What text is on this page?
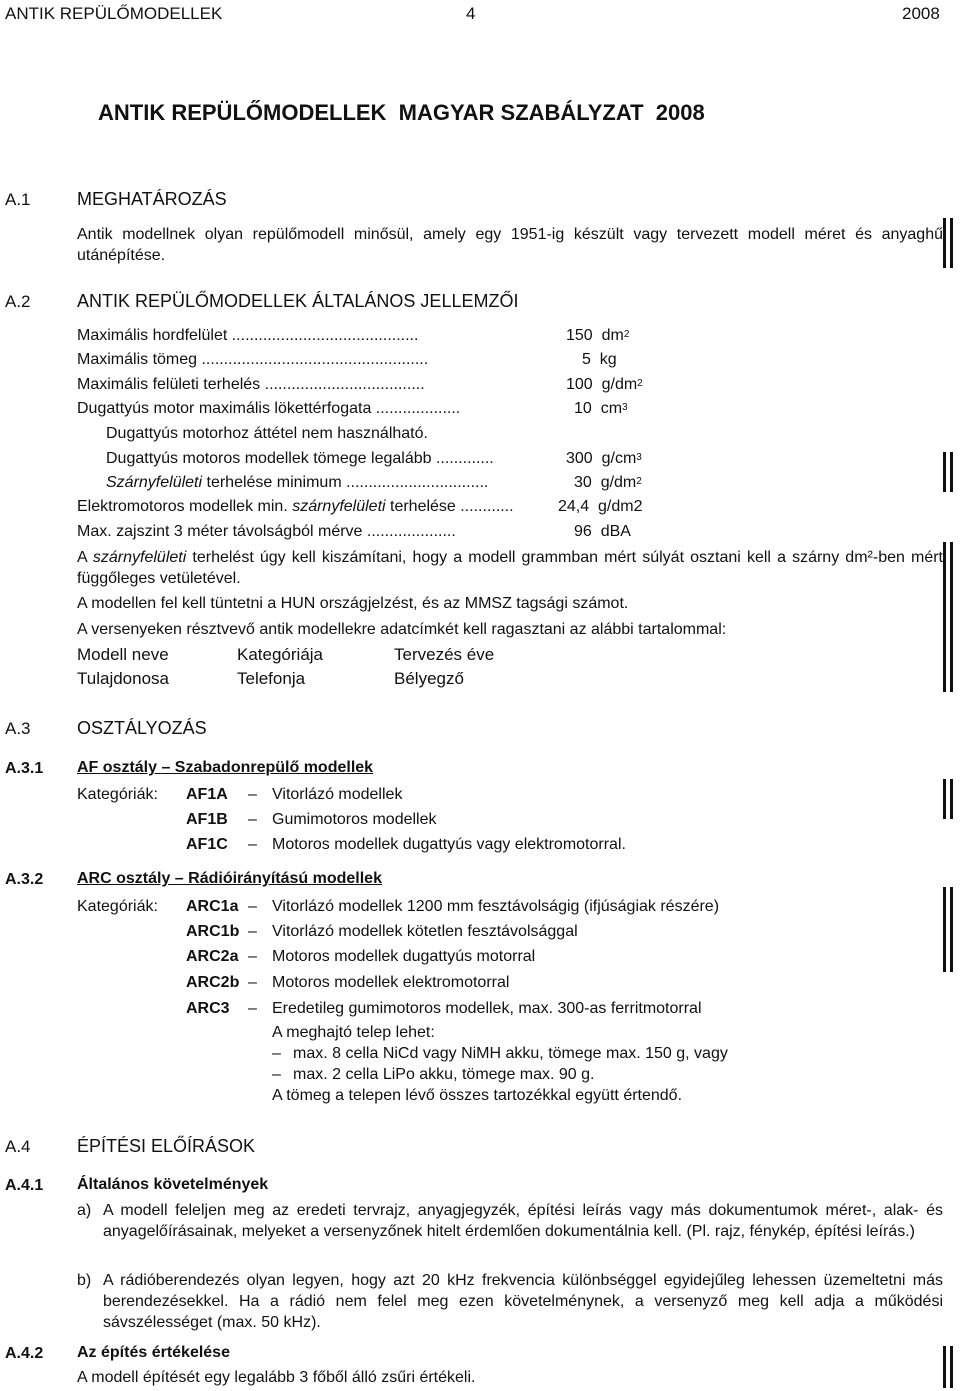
ANTIK REPÜLŐMODELLEK	4	2008
ANTIK REPÜLŐMODELLEK  MAGYAR SZABÁLYZAT  2008
A.1	MEGHATÁROZÁS
Antik modellnek olyan repülőmodell minősül, amely egy 1951-ig készült vagy tervezett modell méret és anyaghű utánépítése.
A.2	ANTIK REPÜLŐMODELLEK ÁLTALÁNOS JELLEMZŐI
Maximális hordfelület ..........................................	150 $dm^2$
Maximális tömeg ...................................................	5 kg
Maximális felületi terhelés ....................................	100 $g/dm^2$
Dugattyús motor maximális lökettérfogata ...................	10 $cm^3$
Dugattyús motorhoz áttétel nem használható.
Dugattyús motoros modellek tömege legalább .............	300 $g/cm^3$
Szárnyfelületi terhelése minimum ................................	30 $g/dm^2$
Elektromotoros modellek min. szárnyfelületi terhelése ............	24,4 g/dm2
Max. zajszint 3 méter távolságból mérve ....................	96 dBA
A szárnyfelületi terhelést úgy kell kiszámítani, hogy a modell grammban mért súlyát osztani kell a szárny dm²-ben mért függőleges vetületével.
A modellen fel kell tüntetni a HUN országjelzést, és az MMSZ tagsági számot.
A versenyeken résztvevő antik modellekre adatcímkét kell ragasztani az alábbi tartalommal:
Modell neve	Kategóriája	Tervezés éve
Tulajdonosa	Telefonja	Bélyegző
A.3	OSZTÁLYOZÁS
A.3.1 AF osztály – Szabadonrepülő modellek
Kategóriák: AF1A – Vitorlázó modellek
AF1B – Gumimotoros modellek
AF1C – Motoros modellek dugattyús vagy elektromotorral.
A.3.2 ARC osztály – Rádióirányítású modellek
Kategóriák: ARC1a – Vitorlázó modellek 1200 mm fesztávolságig (ifjúságiak részére)
ARC1b – Vitorlázó modellek kötetlen fesztávolsággal
ARC2a – Motoros modellek dugattyús motorral
ARC2b – Motoros modellek elektromotorral
ARC3 – Eredetileg gumimotoros modellek, max. 300-as ferritmotorral
A meghajtó telep lehet:
– max. 8 cella NiCd vagy NiMH akku, tömege max. 150 g, vagy
– max. 2 cella LiPo akku, tömege max. 90 g.
A tömeg a telepen lévő összes tartozékkal együtt értendő.
A.4	ÉPÍTÉSI ELŐÍRÁSOK
A.4.1 Általános követelmények
a) A modell feleljen meg az eredeti tervrajz, anyagjegyzék, építési leírás vagy más dokumentumok méret-, alak- és anyagelőírásainak, melyeket a versenyzőnek hitelt érdemlően dokumentálnia kell. (Pl. rajz, fénykép, építési leírás.)
b) A rádióberendezés olyan legyen, hogy azt 20 kHz frekvencia különbséggel egyidejűleg lehessen üzemeltetni más berendezésekkel. Ha a rádió nem felel meg ezen követelménynek, a versenyző meg kell adja a működési sávszélességet (max. 50 kHz).
A.4.2 Az építés értékelése
A modell építését egy legalább 3 főből álló zsűri értékeli.
